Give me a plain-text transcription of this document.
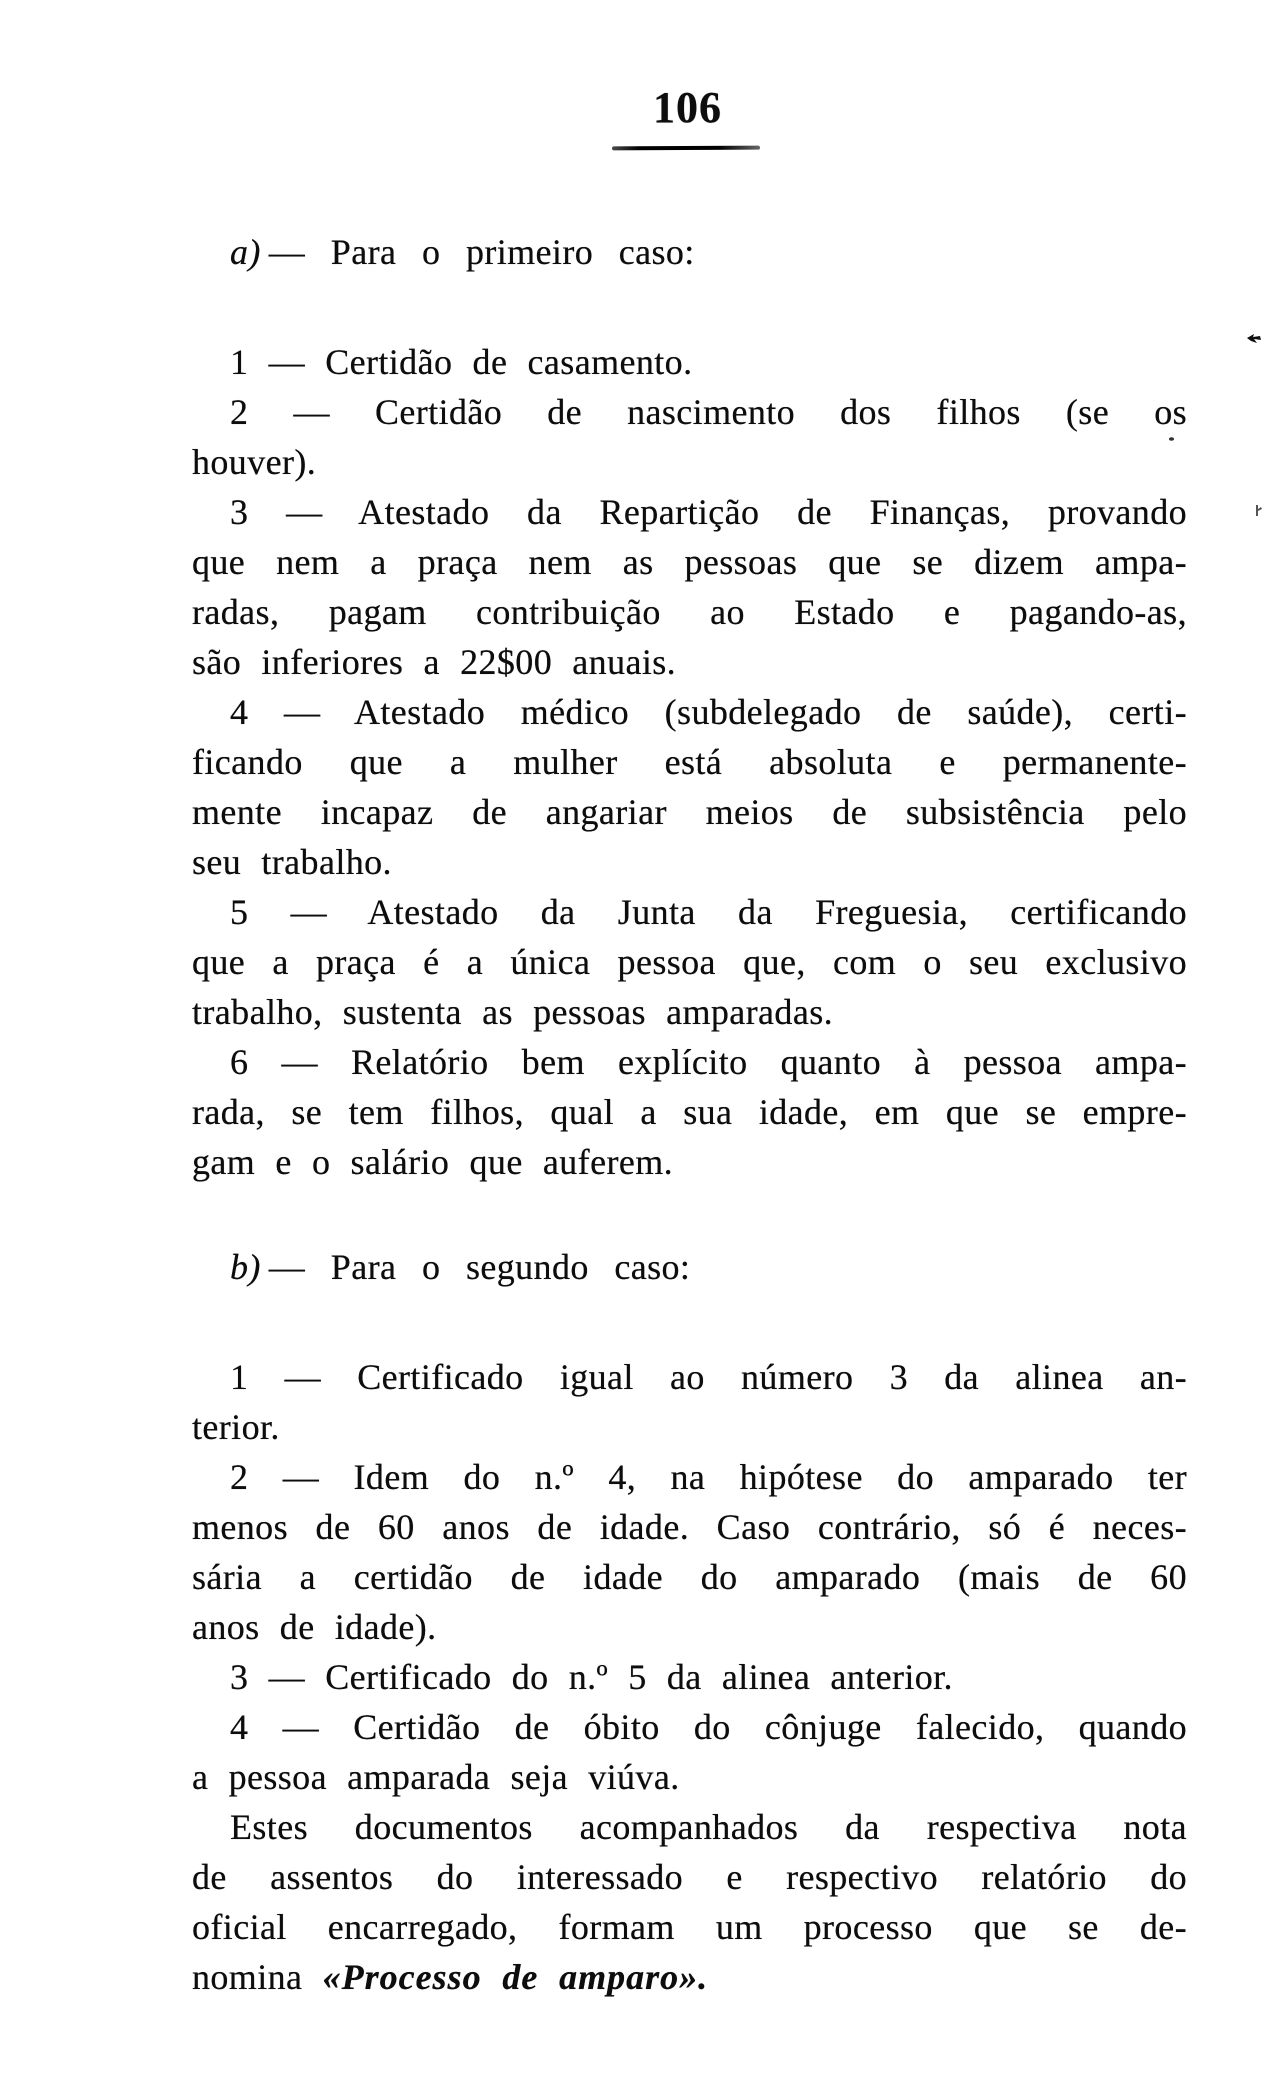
106
a) — Para o primeiro caso:
1 — Certidão de casamento.
2 — Certidão de nascimento dos filhos (se os
houver).
3 — Atestado da Repartição de Finanças, provando
que nem a praça nem as pessoas que se dizem ampa-
radas, pagam contribuição ao Estado e pagando-as,
são inferiores a 22$00 anuais.
4 — Atestado médico (subdelegado de saúde), certi-
ficando que a mulher está absoluta e permanente-
mente incapaz de angariar meios de subsistência pelo
seu trabalho.
5 — Atestado da Junta da Freguesia, certificando
que a praça é a única pessoa que, com o seu exclusivo
trabalho, sustenta as pessoas amparadas.
6 — Relatório bem explícito quanto à pessoa ampa-
rada, se tem filhos, qual a sua idade, em que se empre-
gam e o salário que auferem.
b) — Para o segundo caso:
1 — Certificado igual ao número 3 da alinea an-
terior.
2 — Idem do n.º 4, na hipótese do amparado ter
menos de 60 anos de idade. Caso contrário, só é neces-
sária a certidão de idade do amparado (mais de 60
anos de idade).
3 — Certificado do n.º 5 da alinea anterior.
4 — Certidão de óbito do cônjuge falecido, quando
a pessoa amparada seja viúva.
Estes documentos acompanhados da respectiva nota
de assentos do interessado e respectivo relatório do
oficial encarregado, formam um processo que se de-
nomina «Processo de amparo».
